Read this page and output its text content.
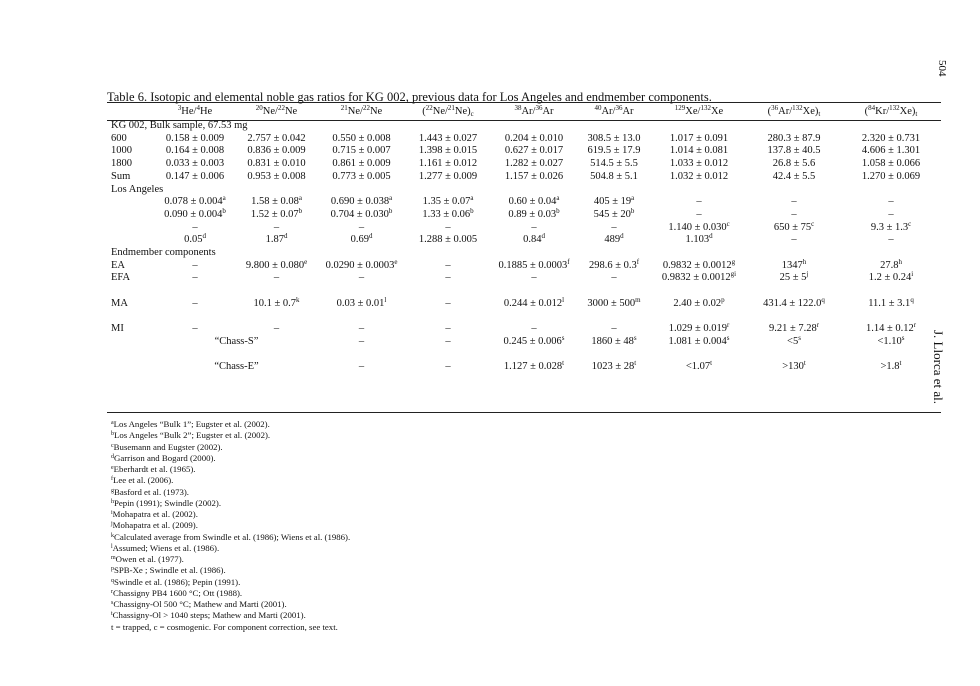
504
J. Llorca et al.
Table 6. Isotopic and elemental noble gas ratios for KG 002, previous data for Los Angeles and endmember components.
	$^3$He/$^4$He	$^{20}$Ne/$^{22}$Ne	$^{21}$Ne/$^{22}$Ne	$(^{22}Ne/^{21}Ne)_c$	$^{38}$Ar/$^{36}$Ar	$^{40}$Ar/$^{36}$Ar	$^{129}$Xe/$^{132}$Xe	$(^{36}Ar/^{132}Xe)_t$	$(^{84}Kr/^{132}Xe)_t$
KG 002, Bulk sample, 67.53 mg									
600	0.158 ± 0.009	2.757 ± 0.042	0.550 ± 0.008	1.443 ± 0.027	0.204 ± 0.010	308.5 ± 13.0	1.017 ± 0.091	280.3 ± 87.9	2.320 ± 0.731
1000	0.164 ± 0.008	0.836 ± 0.009	0.715 ± 0.007	1.398 ± 0.015	0.627 ± 0.017	619.5 ± 17.9	1.014 ± 0.081	137.8 ± 40.5	4.606 ± 1.301
1800	0.033 ± 0.003	0.831 ± 0.010	0.861 ± 0.009	1.161 ± 0.012	1.282 ± 0.027	514.5 ± 5.5	1.033 ± 0.012	26.8 ± 5.6	1.058 ± 0.066
Sum	0.147 ± 0.006	0.953 ± 0.008	0.773 ± 0.005	1.277 ± 0.009	1.157 ± 0.026	504.8 ± 5.1	1.032 ± 0.012	42.4 ± 5.5	1.270 ± 0.069
Los Angeles									
	0.078 ± 0.004$^a$	1.58 ± 0.08$^a$	0.690 ± 0.038$^a$	1.35 ± 0.07$^a$	0.60 ± 0.04$^a$	$405 \pm 19^a$	–	–	–
	0.090 ± 0.004$^b$	1.52 ± 0.07$^b$	0.704 ± 0.030$^b$	1.33 ± 0.06$^b$	0.89 ± 0.03$^b$	$545 \pm 20^b$	–	–	–
	–	–	–	–	–	–	1.140 ± 0.030$^c$	$650 \pm 75^c$	9.3 ± 1.3$^c$
	0.05$^d$	1.87$^d$	0.69$^d$	1.288 ± 0.005	0.84$^d$	489$^d$	1.103$^d$	–	–
Endmember components									
EA	–	9.800 ± 0.080$^e$	0.0290 ± 0.0003$^e$	–	0.1885 ± 0.0003$^f$	298.6 ± 0.3$^f$	0.9832 ± 0.0012$^g$	1347$^h$	27.8$^h$
EFA	–	–	–	–	–	–	$0.9832 \pm 0.0012^{gi}$	$25 \pm 5^j$	$1.2 \pm 0.24^i$

MA	–	$10.1 \pm 0.7^k$	$0.03 \pm 0.01^l$	–	$0.244 \pm 0.012^l$	$3000 \pm 500^m$	$2.40 \pm 0.02^p$	$431.4 \pm 122.0^q$	$11.1 \pm 3.1^q$

MI	–	–	–	–	–	–	$1.029 \pm 0.019^r$	$9.21 \pm 7.28^r$	$1.14 \pm 0.12^r$
	“Chass-S”		–	–	$0.245 \pm 0.006^s$	$1860 \pm 48^s$	$1.081 \pm 0.004^s$	$<5^s$	$<1.10^s$

	“Chass-E”		–	–	$1.127 \pm 0.028^t$	$1023 \pm 28^t$	$<1.07^t$	$>130^t$	$>1.8^t$
$^a$Los Angeles “Bulk 1”; Eugster et al. (2002).
$^b$Los Angeles “Bulk 2”; Eugster et al. (2002).
$^c$Busemann and Eugster (2002).
$^d$Garrison and Bogard (2000).
$^e$Eberhardt et al. (1965).
$^f$Lee et al. (2006).
$^g$Basford et al. (1973).
$^h$Pepin (1991); Swindle (2002).
$^i$Mohapatra et al. (2002).
$^j$Mohapatra et al. (2009).
$^k$Calculated average from Swindle et al. (1986); Wiens et al. (1986).
$^l$Assumed; Wiens et al. (1986).
$^m$Owen et al. (1977).
$^p$SPB-Xe ; Swindle et al. (1986).
$^q$Swindle et al. (1986); Pepin (1991).
$^r$Chassigny PB4 1600 °C; Ott (1988).
$^s$Chassigny-Ol 500 °C; Mathew and Marti (2001).
$^t$Chassigny-Ol > 1040 steps; Mathew and Marti (2001).
t = trapped, c = cosmogenic. For component correction, see text.
